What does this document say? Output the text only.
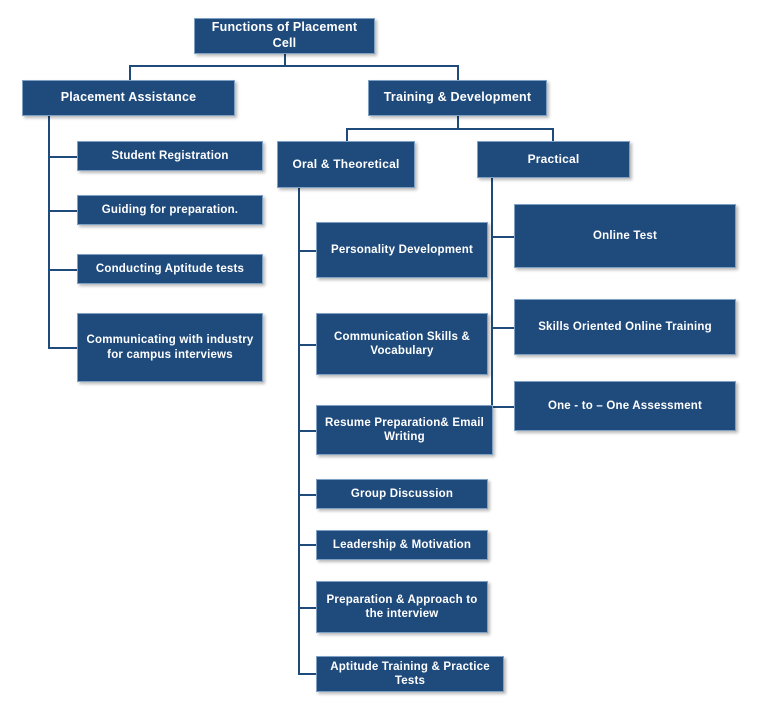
Functions of Placement Cell
Placement Assistance	Training & Development
Oral & Theoretical	Practical
Student Registration
Guiding for preparation.
Conducting Aptitude tests
Communicating with industry for campus interviews
Personality Development
Communication Skills & Vocabulary
Resume Preparation& Email Writing
Group Discussion
Leadership & Motivation
Preparation & Approach to the interview
Aptitude Training & Practice Tests
Online Test
Skills Oriented Online Training
One - to – One Assessment
